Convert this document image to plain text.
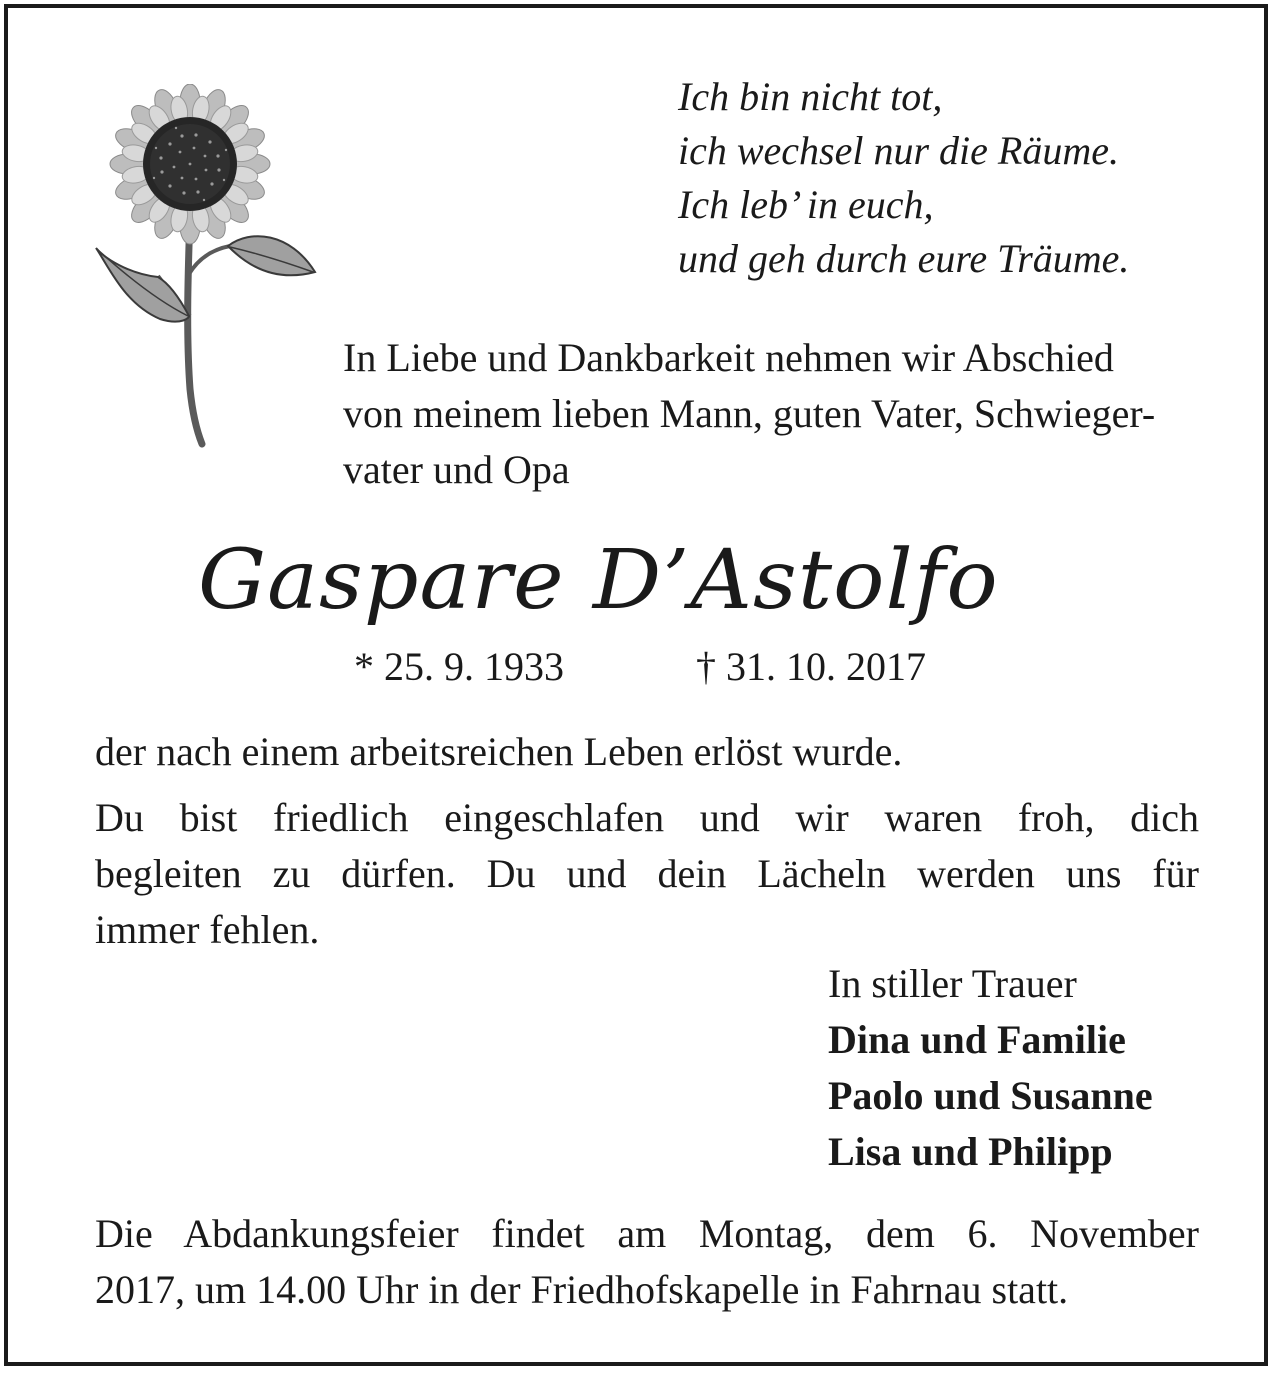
Ich bin nicht tot,
ich wechsel nur die Räume.
Ich leb’ in euch,
und geh durch eure Träume.
In Liebe und Dankbarkeit nehmen wir Abschied
von meinem lieben Mann, guten Vater, Schwieger-
vater und Opa
Gaspare D’Astolfo
* 25. 9. 1933	† 31. 10. 2017
der nach einem arbeitsreichen Leben erlöst wurde.
Du bist friedlich eingeschlafen und wir waren froh, dich
begleiten zu dürfen. Du und dein Lächeln werden uns für
immer fehlen.
In stiller Trauer
Dina und Familie
Paolo und Susanne
Lisa und Philipp
Die Abdankungsfeier findet am Montag, dem 6. November
2017, um 14.00 Uhr in der Friedhofskapelle in Fahrnau statt.
